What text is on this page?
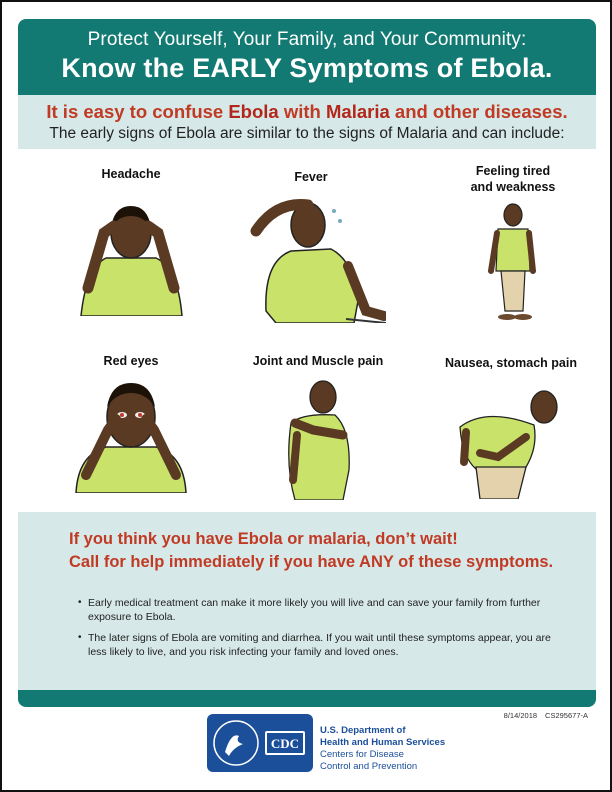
Protect Yourself, Your Family, and Your Community:
Know the EARLY Symptoms of Ebola.
It is easy to confuse Ebola with Malaria and other diseases.
The early signs of Ebola are similar to the signs of Malaria and can include:
Headache	Fever	Feeling tired
and weakness
Red eyes	Joint and Muscle pain	Nausea, stomach pain
If you think you have Ebola or malaria, don’t wait!
Call for help immediately if you have ANY of these symptoms.
• Early medical treatment can make it more likely you will live and can save your family from further exposure to Ebola.
• The later signs of Ebola are vomiting and diarrhea. If you wait until these symptoms appear, you are less likely to live, and you risk infecting your family and loved ones.
8/14/2018 CS295677-A
CDC
U.S. Department of
Health and Human Services
Centers for Disease
Control and Prevention
